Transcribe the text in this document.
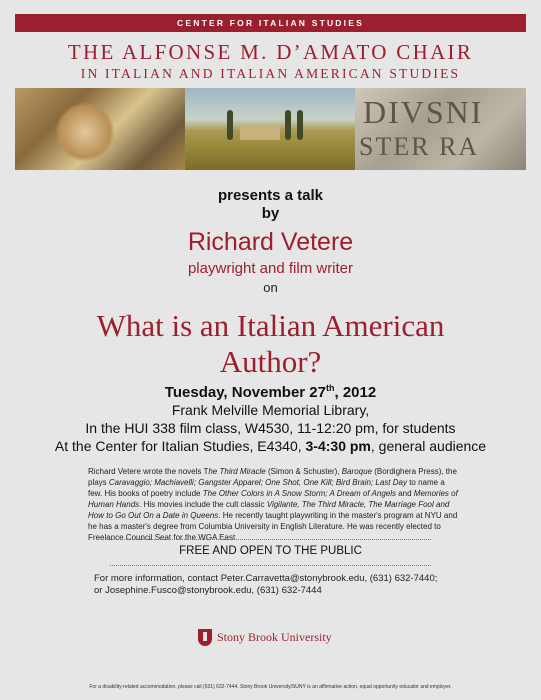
CENTER FOR ITALIAN STUDIES
THE ALFONSE M. D’AMATO CHAIR
IN ITALIAN AND ITALIAN AMERICAN STUDIES
DIVSNI
STER RA
presents a talk
by
Richard Vetere
playwright and film writer
on
What is an Italian American
Author?
Tuesday, November 27th, 2012
Frank Melville Memorial Library,
In the HUI 338 film class, W4530, 11-12:20 pm, for students
At the Center for Italian Studies, E4340, 3-4:30 pm, general audience
Richard Vetere wrote the novels The Third Miracle (Simon & Schuster), Baroque (Bordighera Press), the plays Caravaggio; Machiavelli; Gangster Apparel; One Shot, One Kill; Bird Brain; Last Day to name a few. His books of poetry include The Other Colors in A Snow Storm; A Dream of Angels and Memories of Human Hands. His movies include the cult classic Vigilante, The Third Miracle, The Marriage Fool and How to Go Out On a Date in Queens. He recently taught playwriting in the master's program at NYU and he has a master's degree from Columbia University in English Literature. He was recently elected to Freelance Council Seat for the WGA East.
FREE AND OPEN TO THE PUBLIC
For more information, contact Peter.Carravetta@stonybrook.edu, (631) 632-7440;
or Josephine.Fusco@stonybrook.edu, (631) 632-7444
Stony Brook University
For a disability-related accommodation, please call (631) 632-7444. Stony Brook University/SUNY is an affirmative action, equal opportunity educator and employer.
